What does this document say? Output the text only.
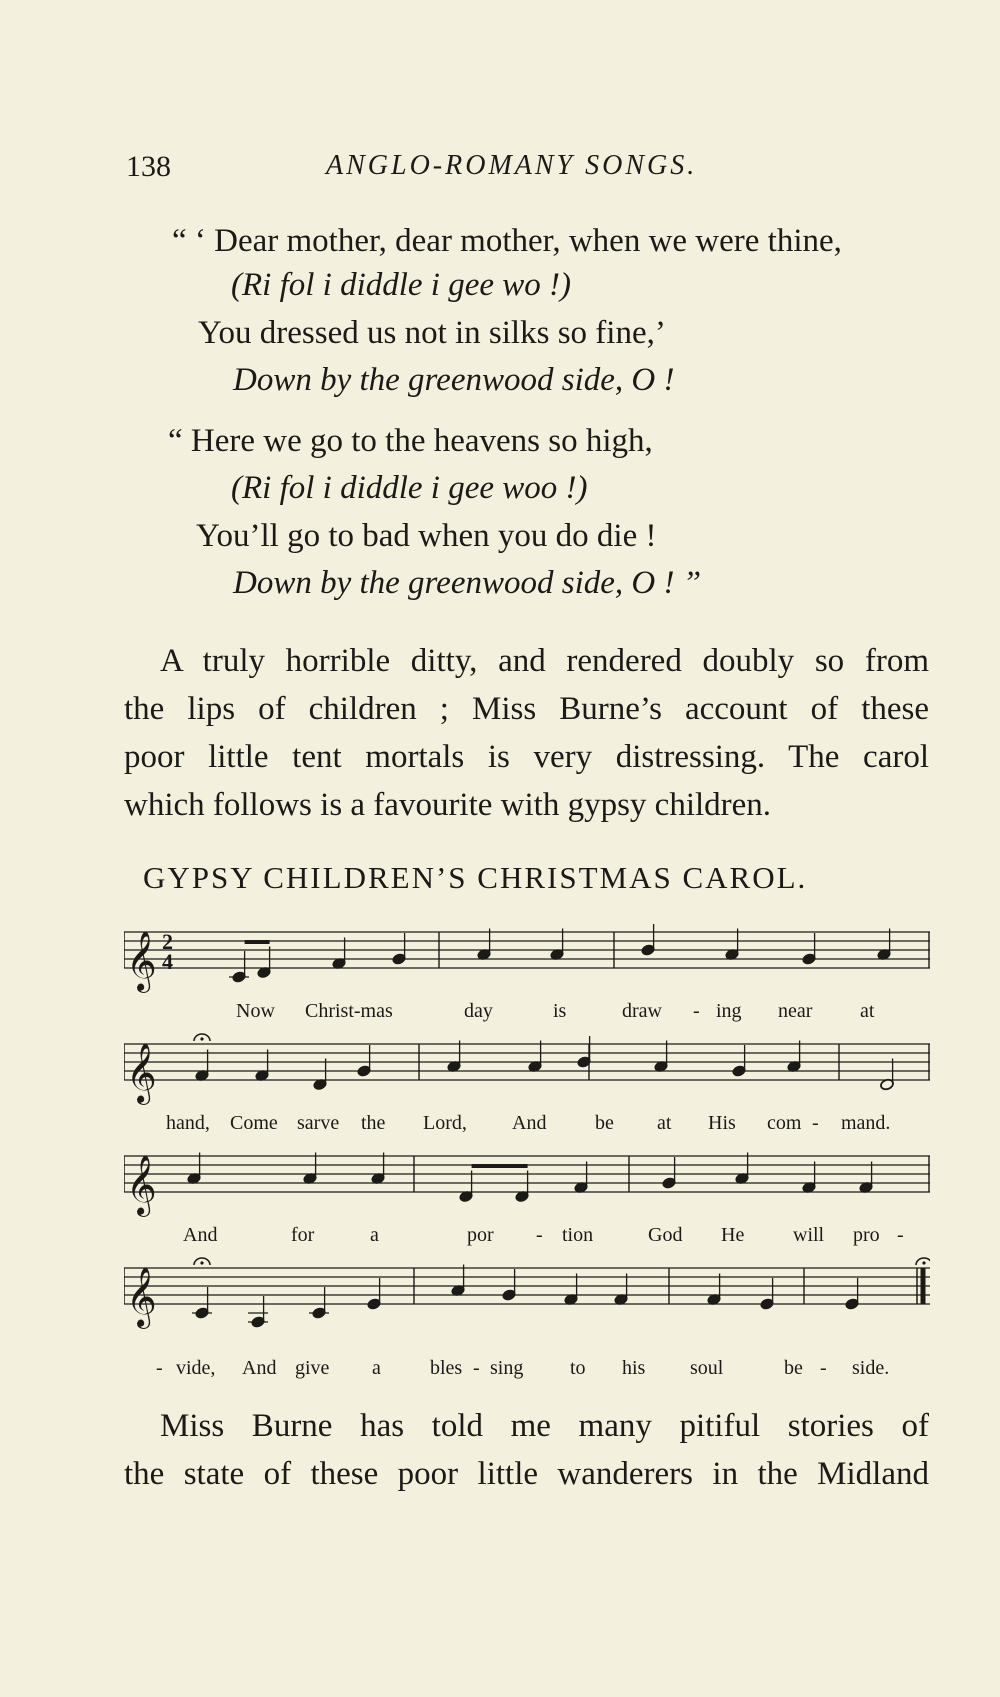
138	ANGLO-ROMANY SONGS.
“ ‘ Dear mother, dear mother, when we were thine,
(Ri fol i diddle i gee wo !)
You dressed us not in silks so fine,’
Down by the greenwood side, O !
“ Here we go to the heavens so high,
(Ri fol i diddle i gee woo !)
You’ll go to bad when you do die !
Down by the greenwood side, O ! ”
A truly horrible ditty, and rendered doubly so from
the lips of children ; Miss Burne’s account of these
poor little tent mortals is very distressing. The carol
which follows is a favourite with gypsy children.
GYPSY CHILDREN’S CHRISTMAS CAROL.
𝄞 2
4
𝄞
𝄞
𝄞
Now Christ-mas	day	is	draw - ing near at
hand, Come sarve the Lord, And be at His com - mand.
And	for	a	por - tion	God He will pro -
- vide, And give a bles - sing to his soul	be - side.
Miss Burne has told me many pitiful stories of
the state of these poor little wanderers in the Midland
